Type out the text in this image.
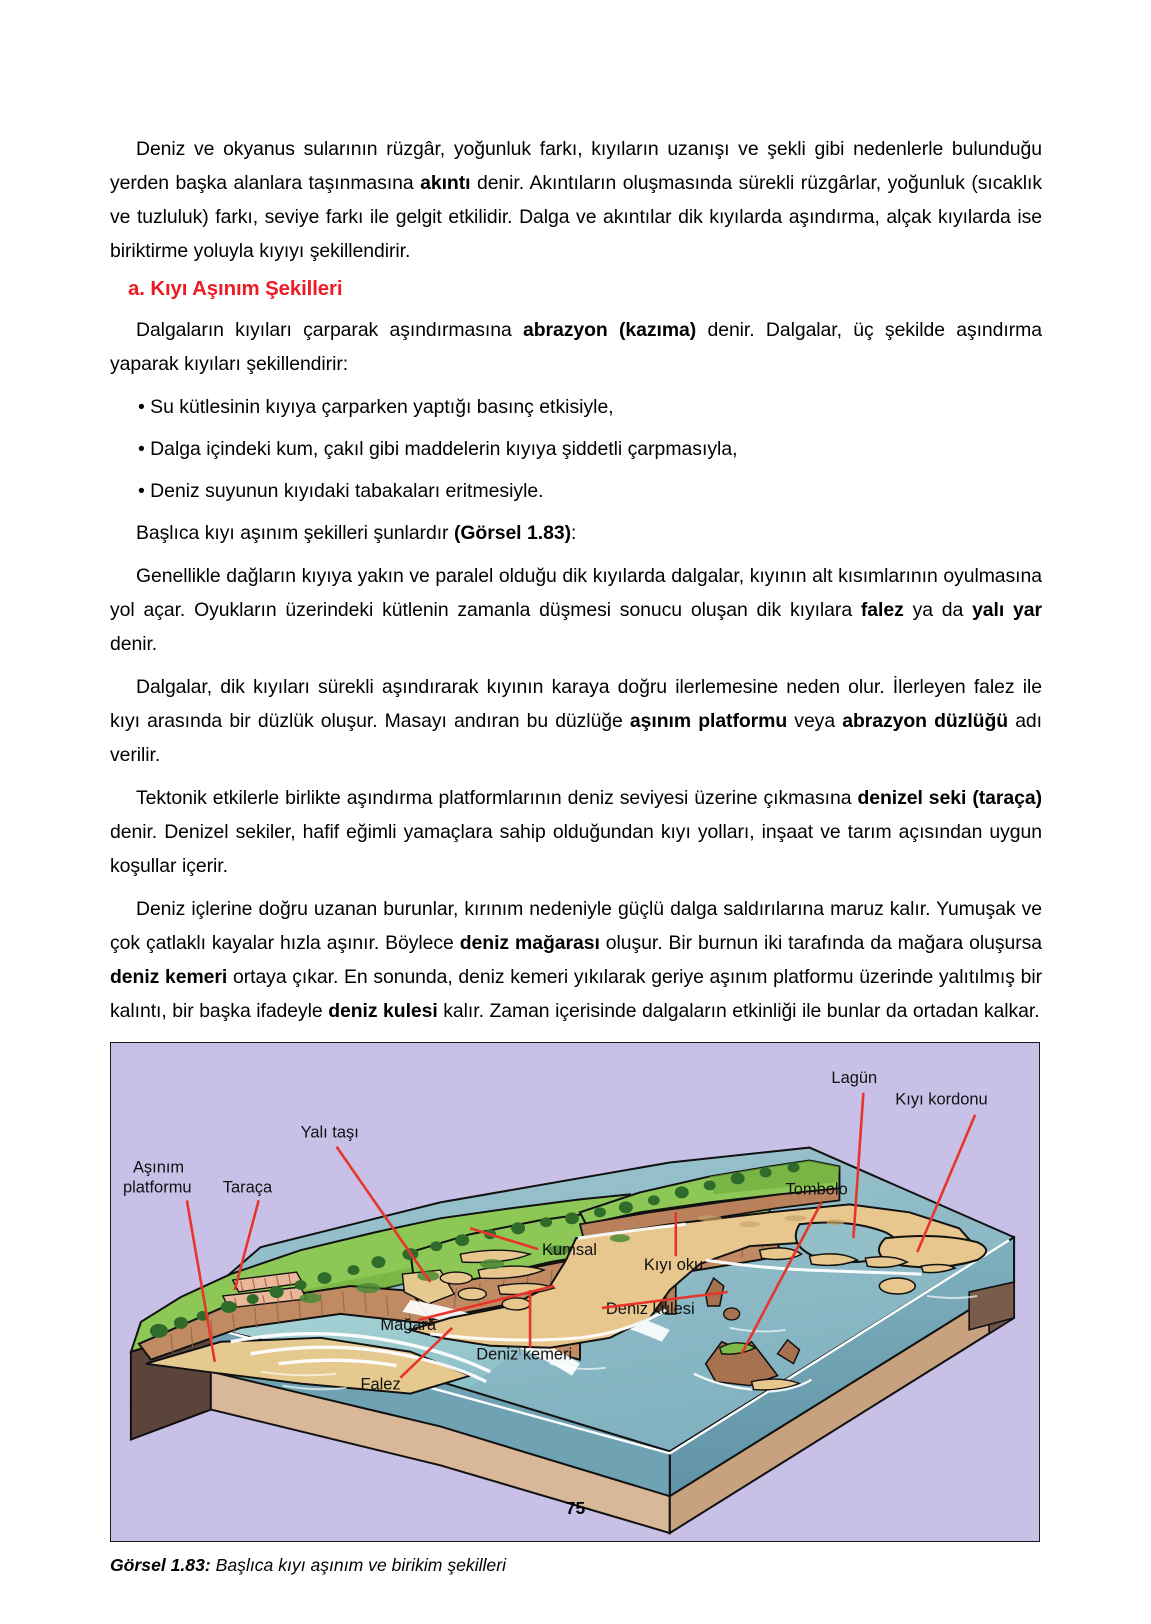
Deniz ve okyanus sularının rüzgâr, yoğunluk farkı, kıyıların uzanışı ve şekli gibi nedenlerle bulunduğu yerden başka alanlara taşınmasına akıntı denir. Akıntıların oluşmasında sürekli rüzgârlar, yoğunluk (sıcaklık ve tuzluluk) farkı, seviye farkı ile gelgit etkilidir. Dalga ve akıntılar dik kıyılarda aşındırma, alçak kıyılarda ise biriktirme yoluyla kıyıyı şekillendirir.

a. Kıyı Aşınım Şekilleri

Dalgaların kıyıları çarparak aşındırmasına abrazyon (kazıma) denir. Dalgalar, üç şekilde aşındırma yaparak kıyıları şekillendirir:

• Su kütlesinin kıyıya çarparken yaptığı basınç etkisiyle,

• Dalga içindeki kum, çakıl gibi maddelerin kıyıya şiddetli çarpmasıyla,

• Deniz suyunun kıyıdaki tabakaları eritmesiyle.

Başlıca kıyı aşınım şekilleri şunlardır (Görsel 1.83):

Genellikle dağların kıyıya yakın ve paralel olduğu dik kıyılarda dalgalar, kıyının alt kısımlarının oyulmasına yol açar. Oyukların üzerindeki kütlenin zamanla düşmesi sonucu oluşan dik kıyılara falez ya da yalı yar denir.

Dalgalar, dik kıyıları sürekli aşındırarak kıyının karaya doğru ilerlemesine neden olur. İlerleyen falez ile kıyı arasında bir düzlük oluşur. Masayı andıran bu düzlüğe aşınım platformu veya abrazyon düzlüğü adı verilir.

Tektonik etkilerle birlikte aşındırma platformlarının deniz seviyesi üzerine çıkmasına denizel seki (taraça) denir. Denizel sekiler, hafif eğimli yamaçlara sahip olduğundan kıyı yolları, inşaat ve tarım açısından uygun koşullar içerir.

Deniz içlerine doğru uzanan burunlar, kırınım nedeniyle güçlü dalga saldırılarına maruz kalır. Yumuşak ve çok çatlaklı kayalar hızla aşınır. Böylece deniz mağarası oluşur. Bir burnun iki tarafında da mağara oluşursa deniz kemeri ortaya çıkar. En sonunda, deniz kemeri yıkılarak geriye aşınım platformu üzerinde yalıtılmış bir kalıntı, bir başka ifadeyle deniz kulesi kalır. Zaman içerisinde dalgaların etkinliği ile bunlar da ortadan kalkar.

Aşınım
platformu Taraça
Yalı taşı
Lagün
Kıyı kordonu
Tombolo
Kumsal
Kıyı oku
Deniz kulesi
Mağara
Deniz kemeri
Falez

Görsel 1.83: Başlıca kıyı aşınım ve birikim şekilleri

75
